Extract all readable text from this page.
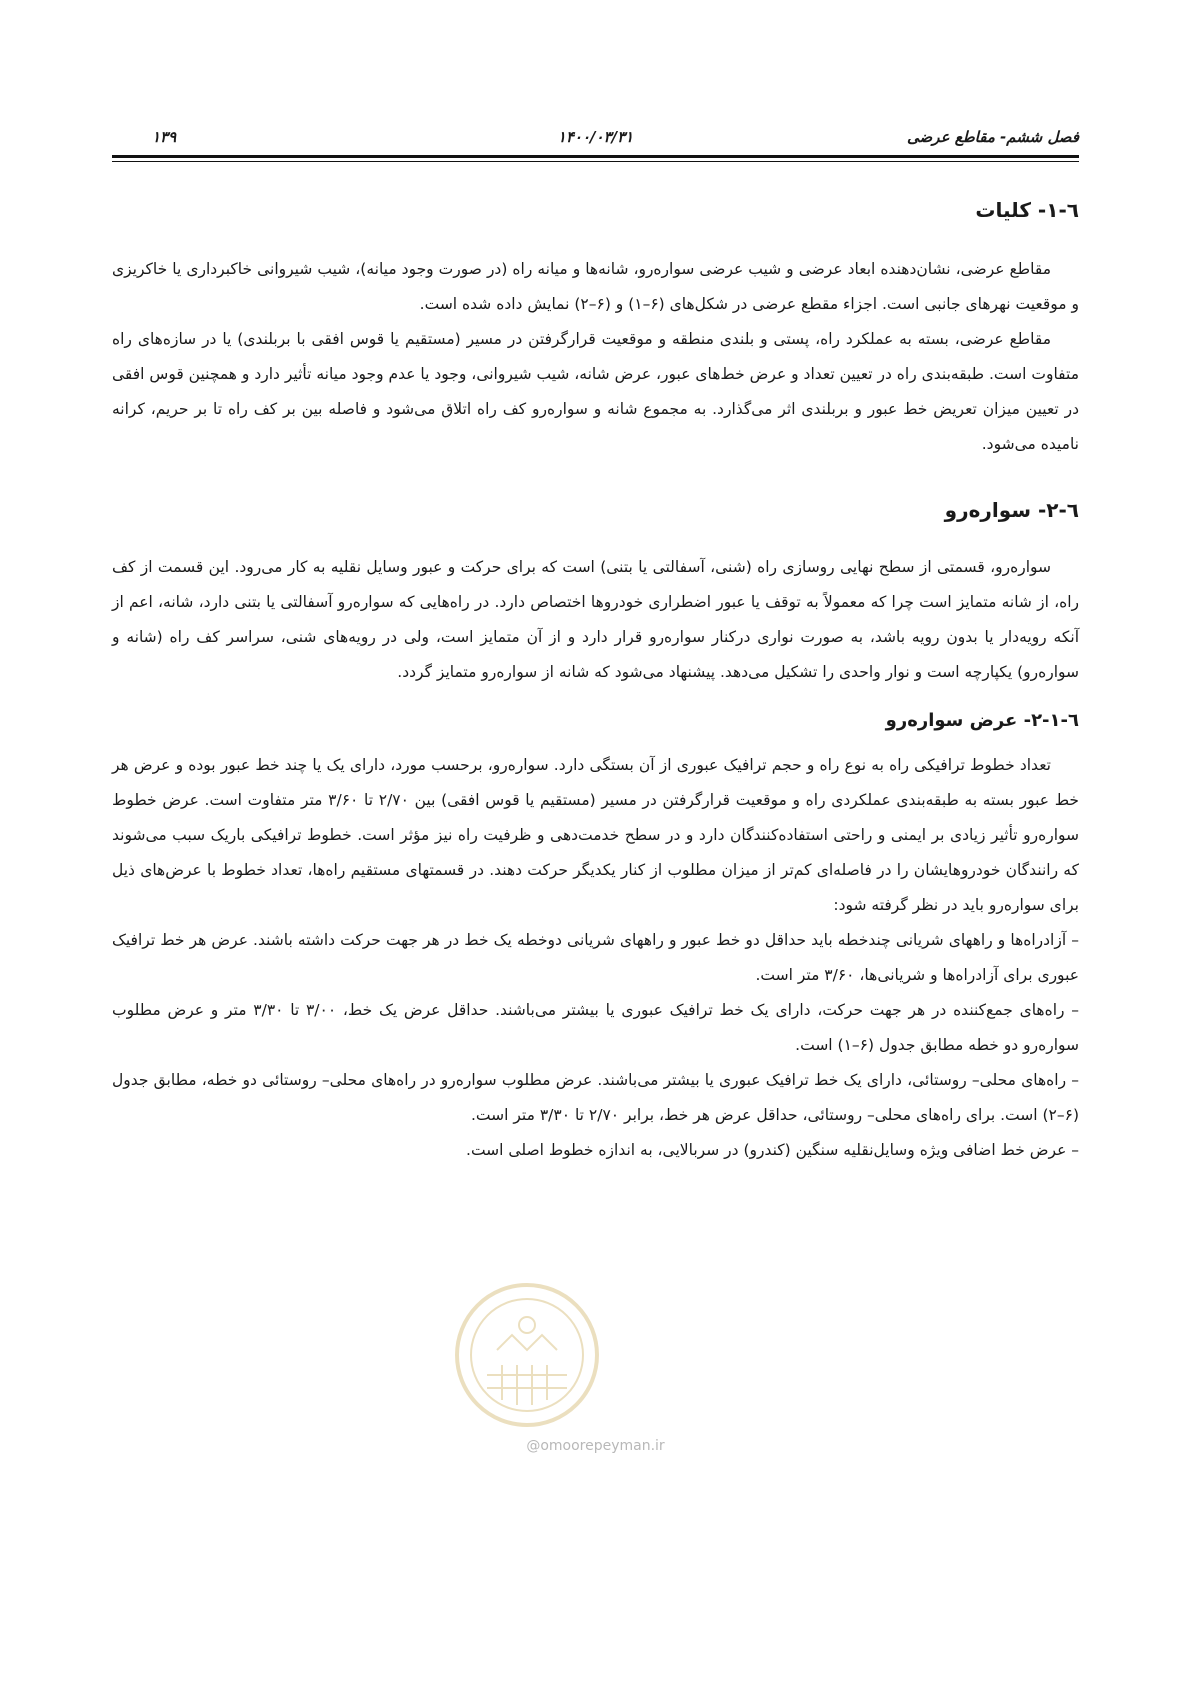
فصل ششم- مقاطع عرضی
۱۴۰۰/۰۳/۳۱
۱۳۹
٦-۱- کلیات

مقاطع عرضی، نشان‌دهنده ابعاد عرضی و شیب عرضی سواره‌رو، شانه‌ها و میانه راه (در صورت وجود میانه)، شیب شیروانی خاکبرداری یا خاکریزی و موقعیت نهرهای جانبی است. اجزاء مقطع عرضی در شکل‌های (۶–۱) و (۶–۲) نمایش داده شده است.

مقاطع عرضی، بسته به عملکرد راه، پستی و بلندی منطقه و موقعیت قرارگرفتن در مسیر (مستقیم یا قوس افقی با بربلندی) یا در سازه‌های راه متفاوت است. طبقه‌بندی راه در تعیین تعداد و عرض خط‌های عبور، عرض شانه، شیب شیروانی، وجود یا عدم وجود میانه تأثیر دارد و همچنین قوس افقی در تعیین میزان تعریض خط عبور و بربلندی اثر می‌گذارد. به مجموع شانه و سواره‌رو کف راه اتلاق می‌شود و فاصله بین بر کف راه تا بر حریم، کرانه نامیده می‌شود.

٦-۲- سواره‌رو

سواره‌رو، قسمتی از سطح نهایی روسازی راه (شنی، آسفالتی یا بتنی) است که برای حرکت و عبور وسایل نقلیه به کار می‌رود. این قسمت از کف راه، از شانه متمایز است چرا که معمولاً به توقف یا عبور اضطراری خودروها اختصاص دارد. در راه‌هایی که سواره‌رو آسفالتی یا بتنی دارد، شانه، اعم از آنکه رویه‌دار یا بدون رویه باشد، به صورت نواری درکنار سواره‌رو قرار دارد و از آن متمایز است، ولی در رویه‌های شنی، سراسر کف راه (شانه و سواره‌رو) یکپارچه است و نوار واحدی را تشکیل می‌دهد. پیشنهاد می‌شود که شانه از سواره‌رو متمایز گردد.

٦-۲-۱- عرض سواره‌رو

تعداد خطوط ترافیکی راه به نوع راه و حجم ترافیک عبوری از آن بستگی دارد. سواره‌رو، برحسب مورد، دارای یک یا چند خط عبور بوده و عرض هر خط عبور بسته به طبقه‌بندی عملکردی راه و موقعیت قرارگرفتن در مسیر (مستقیم یا قوس افقی) بین ۲/۷۰ تا ۳/۶۰ متر متفاوت است. عرض خطوط سواره‌رو تأثیر زیادی بر ایمنی و راحتی استفاده‌کنندگان دارد و در سطح خدمت‌دهی و ظرفیت راه نیز مؤثر است. خطوط ترافیکی باریک سبب می‌شوند که رانندگان خودروهایشان را در فاصله‌ای کم‌تر از میزان مطلوب از کنار یکدیگر حرکت دهند. در قسمتهای مستقیم راه‌ها، تعداد خطوط با عرض‌های ذیل برای سواره‌رو باید در نظر گرفته شود:

– آزادراه‌ها و راههای شریانی چندخطه باید حداقل دو خط عبور و راههای شریانی دوخطه یک خط در هر جهت حرکت داشته باشند. عرض هر خط ترافیک عبوری برای آزادراه‌ها و شریانی‌ها، ۳/۶۰ متر است.

– راه‌های جمع‌کننده در هر جهت حرکت، دارای یک خط ترافیک عبوری یا بیشتر می‌باشند. حداقل عرض یک خط، ۳/۰۰ تا ۳/۳۰ متر و عرض مطلوب سواره‌رو دو خطه مطابق جدول (۶–۱) است.

– راه‌های محلی– روستائی، دارای یک خط ترافیک عبوری یا بیشتر می‌باشند. عرض مطلوب سواره‌رو در راه‌های محلی– روستائی دو خطه، مطابق جدول (۶–۲) است. برای راه‌های محلی– روستائی، حداقل عرض هر خط، برابر ۲/۷۰ تا ۳/۳۰ متر است.

– عرض خط اضافی ویژه وسایل‌نقلیه سنگین (کندرو) در سربالایی، به اندازه خطوط اصلی است.

@omoorepeyman.ir
